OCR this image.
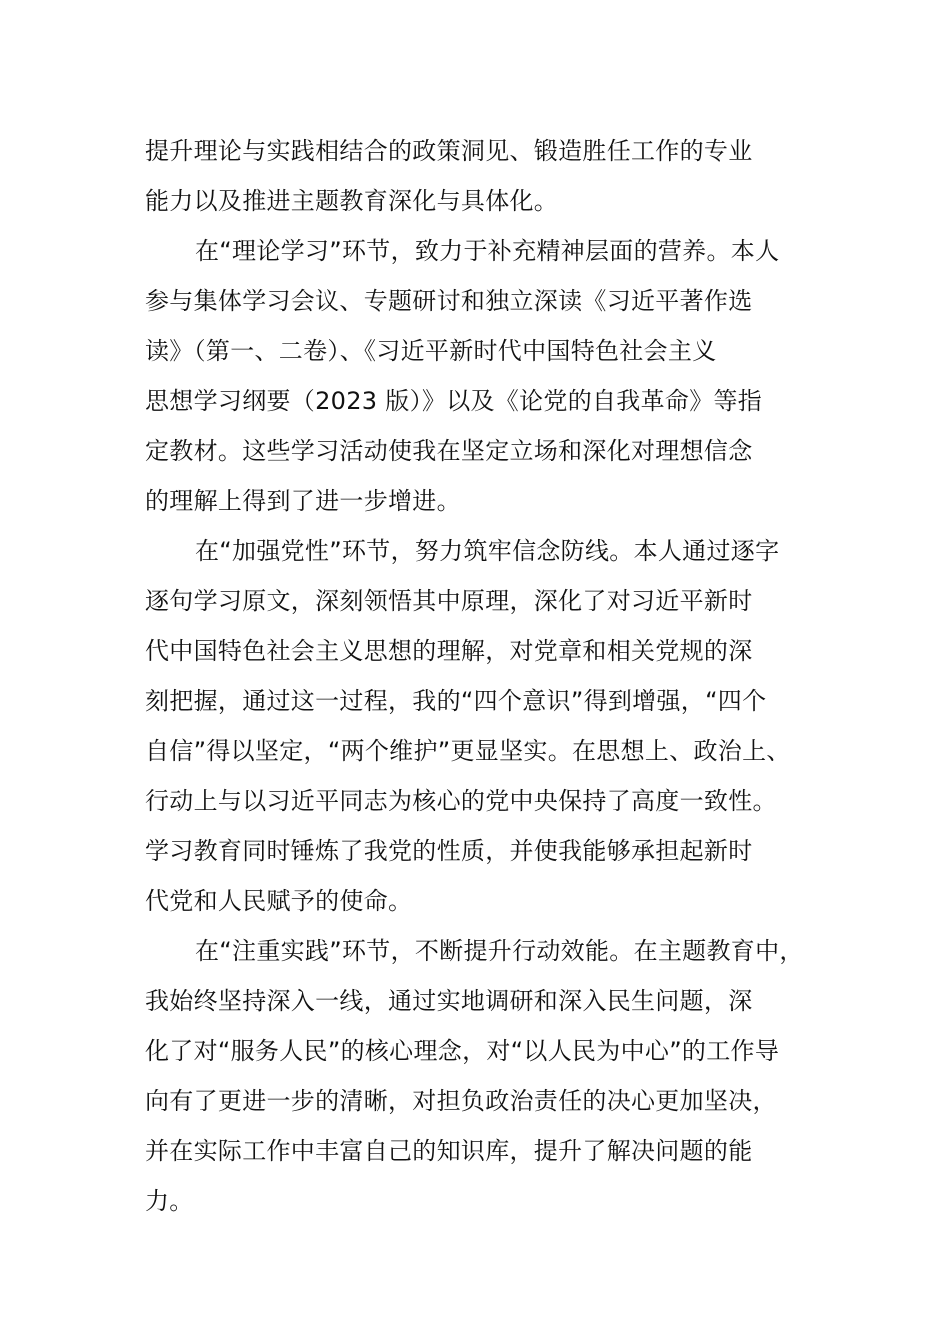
提升理论与实践相结合的政策洞见、锻造胜任工作的专业
能力以及推进主题教育深化与具体化。
在“理论学习”环节，致力于补充精神层面的营养。本人
参与集体学习会议、专题研讨和独立深读《习近平著作选
读》（第一、二卷）、《习近平新时代中国特色社会主义
思想学习纲要（2023 版）》以及《论党的自我革命》等指
定教材。这些学习活动使我在坚定立场和深化对理想信念
的理解上得到了进一步增进。
在“加强党性”环节，努力筑牢信念防线。本人通过逐字
逐句学习原文，深刻领悟其中原理，深化了对习近平新时
代中国特色社会主义思想的理解，对党章和相关党规的深
刻把握，通过这一过程，我的“四个意识”得到增强，“四个
自信”得以坚定，“两个维护”更显坚实。在思想上、政治上、
行动上与以习近平同志为核心的党中央保持了高度一致性。
学习教育同时锤炼了我党的性质，并使我能够承担起新时
代党和人民赋予的使命。
在“注重实践”环节，不断提升行动效能。在主题教育中，
我始终坚持深入一线，通过实地调研和深入民生问题，深
化了对“服务人民”的核心理念，对“以人民为中心”的工作导
向有了更进一步的清晰，对担负政治责任的决心更加坚决，
并在实际工作中丰富自己的知识库，提升了解决问题的能
力。
